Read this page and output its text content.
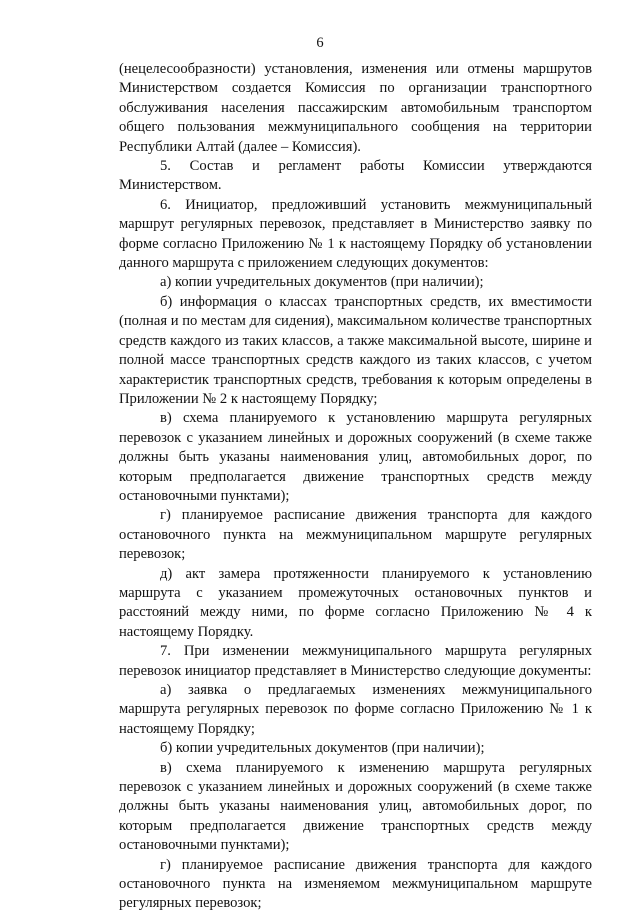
6

(нецелесообразности) установления, изменения или отмены маршрутов Министерством создается Комиссия по организации транспортного обслуживания населения пассажирским автомобильным транспортом общего пользования межмуниципального сообщения на территории Республики Алтай (далее – Комиссия).

5. Состав и регламент работы Комиссии утверждаются Министерством.

6. Инициатор, предложивший установить межмуниципальный маршрут регулярных перевозок, представляет в Министерство заявку по форме согласно Приложению № 1 к настоящему Порядку об установлении данного маршрута с приложением следующих документов:

а) копии учредительных документов (при наличии);

б) информация о классах транспортных средств, их вместимости (полная и по местам для сидения), максимальном количестве транспортных средств каждого из таких классов, а также максимальной высоте, ширине и полной массе транспортных средств каждого из таких классов, с учетом характеристик транспортных средств, требования к которым определены в Приложении № 2 к настоящему Порядку;

в) схема планируемого к установлению маршрута регулярных перевозок с указанием линейных и дорожных сооружений (в схеме также должны быть указаны наименования улиц, автомобильных дорог, по которым предполагается движение транспортных средств между остановочными пунктами);

г) планируемое расписание движения транспорта для каждого остановочного пункта на межмуниципальном маршруте регулярных перевозок;

д) акт замера протяженности планируемого к установлению маршрута с указанием промежуточных остановочных пунктов и расстояний между ними, по форме согласно Приложению № 4 к настоящему Порядку.

7. При изменении межмуниципального маршрута регулярных перевозок инициатор представляет в Министерство следующие документы:

а) заявка о предлагаемых изменениях межмуниципального маршрута регулярных перевозок по форме согласно Приложению № 1 к настоящему Порядку;

б) копии учредительных документов (при наличии);

в) схема планируемого к изменению маршрута регулярных перевозок с указанием линейных и дорожных сооружений (в схеме также должны быть указаны наименования улиц, автомобильных дорог, по которым предполагается движение транспортных средств между остановочными пунктами);

г) планируемое расписание движения транспорта для каждого остановочного пункта на изменяемом межмуниципальном маршруте регулярных перевозок;
